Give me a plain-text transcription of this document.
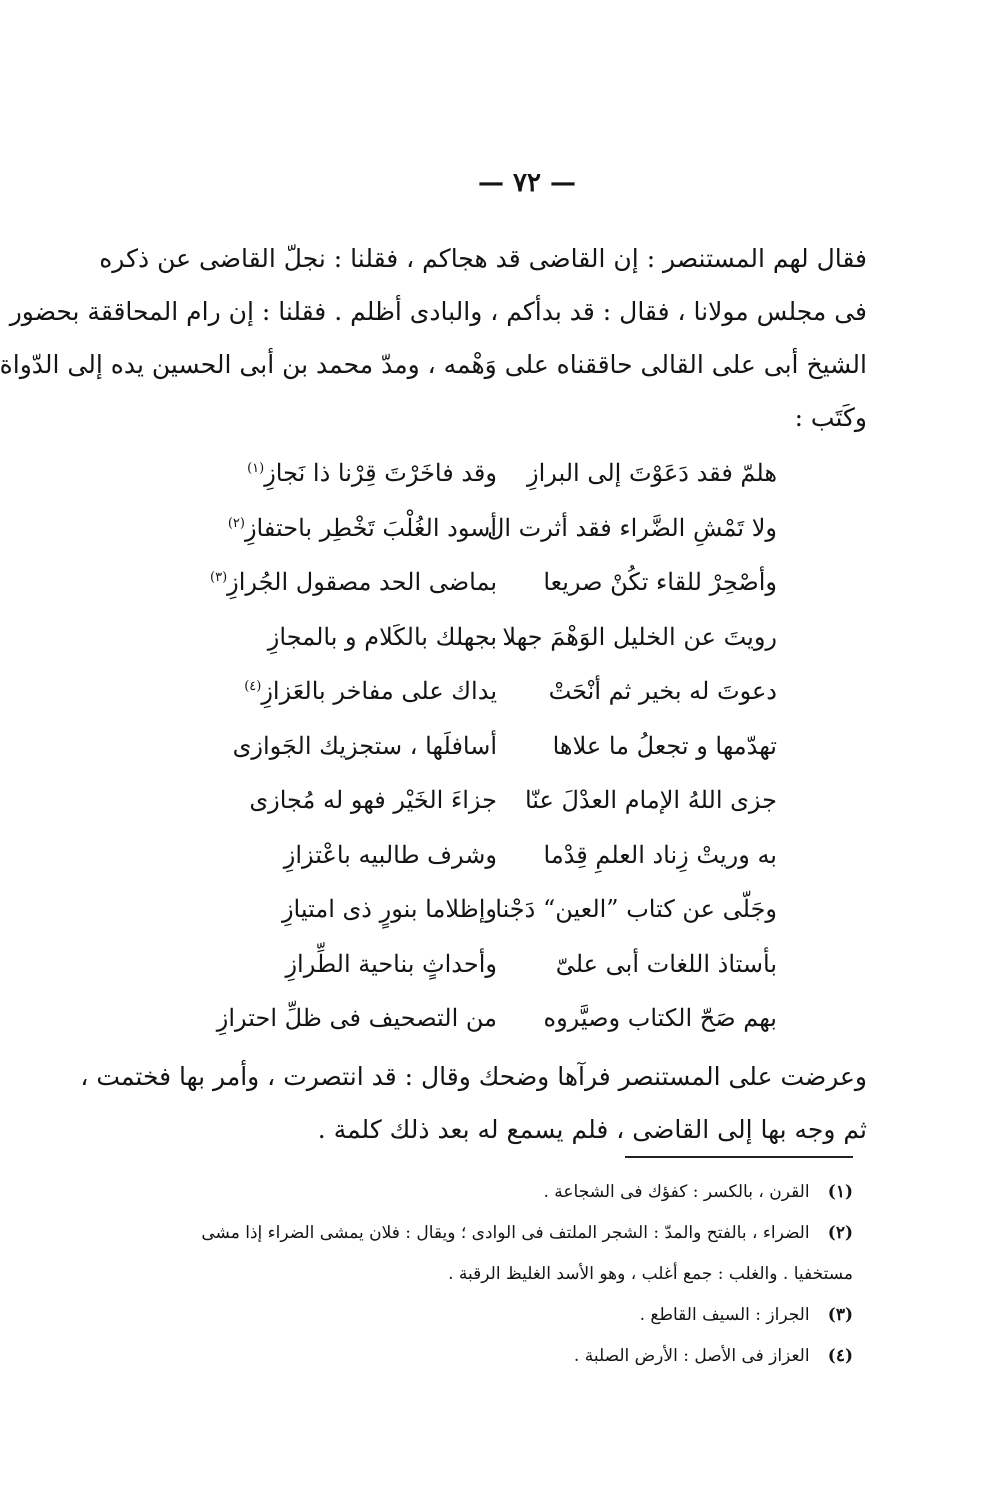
— ٧٢ —
فقال لهم المستنصر : إن القاضى قد هجاكم ، فقلنا : نجلّ القاضى عن ذكره
فى مجلس مولانا ، فقال : قد بدأكم ، والبادى أظلم . فقلنا : إن رام المحاققة بحضور
الشيخ أبى على القالى حاققناه على وَهْمه ، ومدّ محمد بن أبى الحسين يده إلى الدّواة
وكَتَب :
هلمّ فقد دَعَوْتَ إلى البرازِ
وقد فاخَرْتَ قِرْنا ذا نَجازِ$^{(١)}$
ولا تَمْشِ الضَّراء فقد أثرت ال
أسود الغُلْبَ تَخْطِر باحتفازِ$^{(٢)}$
وأصْحِرْ للقاء تكُنْ صريعا
بماضى الحد مصقول الجُرازِ$^{(٣)}$
رويتَ عن الخليل الوَهْمَ جهلا
بجهلك بالكَلام و بالمجازِ
دعوتَ له بخير ثم أنْحَتْ
يداك على مفاخر بالعَزازِ$^{(٤)}$
تهدّمها و تجعلُ ما علاها
أسافلَها ، ستجزيك الجَوازى
جزى اللهُ الإمام العدْلَ عنّا
جزاءَ الخَيْر فهو له مُجازى
به وريتْ زِناد العلمِ قِدْما
وشرف طالبيه باعْتزازِ
وجَلّى عن كتاب ”العين“ دَجْنا
وإظلاما بنورٍ ذى امتيازِ
بأستاذ اللغات أبى علىّ
وأحداثٍ بناحية الطِّرازِ
بهم صَحّ الكتاب وصيَّروه
من التصحيف فى ظلِّ احترازِ
وعرضت على المستنصر فرآها وضحك وقال : قد انتصرت ، وأمر بها فختمت ،
ثم وجه بها إلى القاضى ، فلم يسمع له بعد ذلك كلمة .
(١) القرن ، بالكسر : كفؤك فى الشجاعة .
(٢) الضراء ، بالفتح والمدّ : الشجر الملتف فى الوادى ؛ ويقال : فلان يمشى الضراء إذا مشى
مستخفيا . والغلب : جمع أغلب ، وهو الأسد الغليظ الرقبة .
(٣) الجراز : السيف القاطع .
(٤) العزاز فى الأصل : الأرض الصلبة .
